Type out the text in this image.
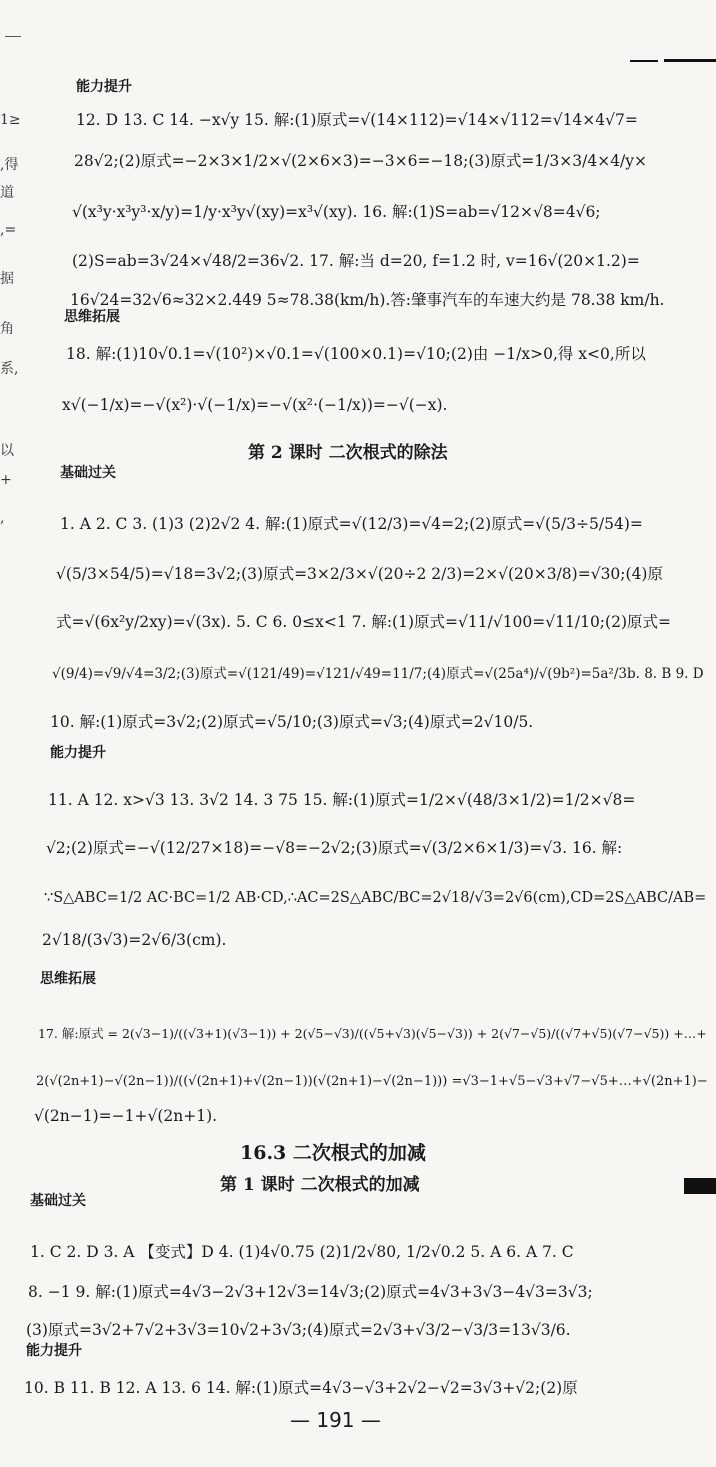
1≥
,得
道
,=
据
角
系,
以
+
,
能力提升
12. D 13. C 14. −x√y 15. 解:(1)原式=√(14×112)=√14×√112=√14×4√7=
28√2;(2)原式=−2×3×1/2×√(2×6×3)=−3×6=−18;(3)原式=1/3×3/4×4/y×
√(x³y·x³y³·x/y)=1/y·x³y√(xy)=x³√(xy). 16. 解:(1)S=ab=√12×√8=4√6;
(2)S=ab=3√24×√48/2=36√2. 17. 解:当 d=20, f=1.2 时, v=16√(20×1.2)=
16√24=32√6≈32×2.449 5≈78.38(km/h).答:肇事汽车的车速大约是 78.38 km/h.
思维拓展
18. 解:(1)10√0.1=√(10²)×√0.1=√(100×0.1)=√10;(2)由 −1/x>0,得 x<0,所以
x√(−1/x)=−√(x²)·√(−1/x)=−√(x²·(−1/x))=−√(−x).
第 2 课时 二次根式的除法
基础过关
1. A 2. C 3. (1)3 (2)2√2 4. 解:(1)原式=√(12/3)=√4=2;(2)原式=√(5/3÷5/54)=
√(5/3×54/5)=√18=3√2;(3)原式=3×2/3×√(20÷2 2/3)=2×√(20×3/8)=√30;(4)原
式=√(6x²y/2xy)=√(3x). 5. C 6. 0≤x<1 7. 解:(1)原式=√11/√100=√11/10;(2)原式=
√(9/4)=√9/√4=3/2;(3)原式=√(121/49)=√121/√49=11/7;(4)原式=√(25a⁴)/√(9b²)=5a²/3b. 8. B 9. D
10. 解:(1)原式=3√2;(2)原式=√5/10;(3)原式=√3;(4)原式=2√10/5.
能力提升
11. A 12. x>√3 13. 3√2 14. 3 75 15. 解:(1)原式=1/2×√(48/3×1/2)=1/2×√8=
√2;(2)原式=−√(12/27×18)=−√8=−2√2;(3)原式=√(3/2×6×1/3)=√3. 16. 解:
∵S△ABC=1/2 AC·BC=1/2 AB·CD,∴AC=2S△ABC/BC=2√18/√3=2√6(cm),CD=2S△ABC/AB=
2√18/(3√3)=2√6/3(cm).
思维拓展
17. 解:原式 = 2(√3−1)/((√3+1)(√3−1)) + 2(√5−√3)/((√5+√3)(√5−√3)) + 2(√7−√5)/((√7+√5)(√7−√5)) +…+
2(√(2n+1)−√(2n−1))/((√(2n+1)+√(2n−1))(√(2n+1)−√(2n−1))) =√3−1+√5−√3+√7−√5+…+√(2n+1)−
√(2n−1)=−1+√(2n+1).
16.3 二次根式的加减
第 1 课时 二次根式的加减
基础过关
1. C 2. D 3. A 【变式】D 4. (1)4√0.75 (2)1/2√80, 1/2√0.2 5. A 6. A 7. C
8. −1 9. 解:(1)原式=4√3−2√3+12√3=14√3;(2)原式=4√3+3√3−4√3=3√3;
(3)原式=3√2+7√2+3√3=10√2+3√3;(4)原式=2√3+√3/2−√3/3=13√3/6.
能力提升
10. B 11. B 12. A 13. 6 14. 解:(1)原式=4√3−√3+2√2−√2=3√3+√2;(2)原
— 191 —
